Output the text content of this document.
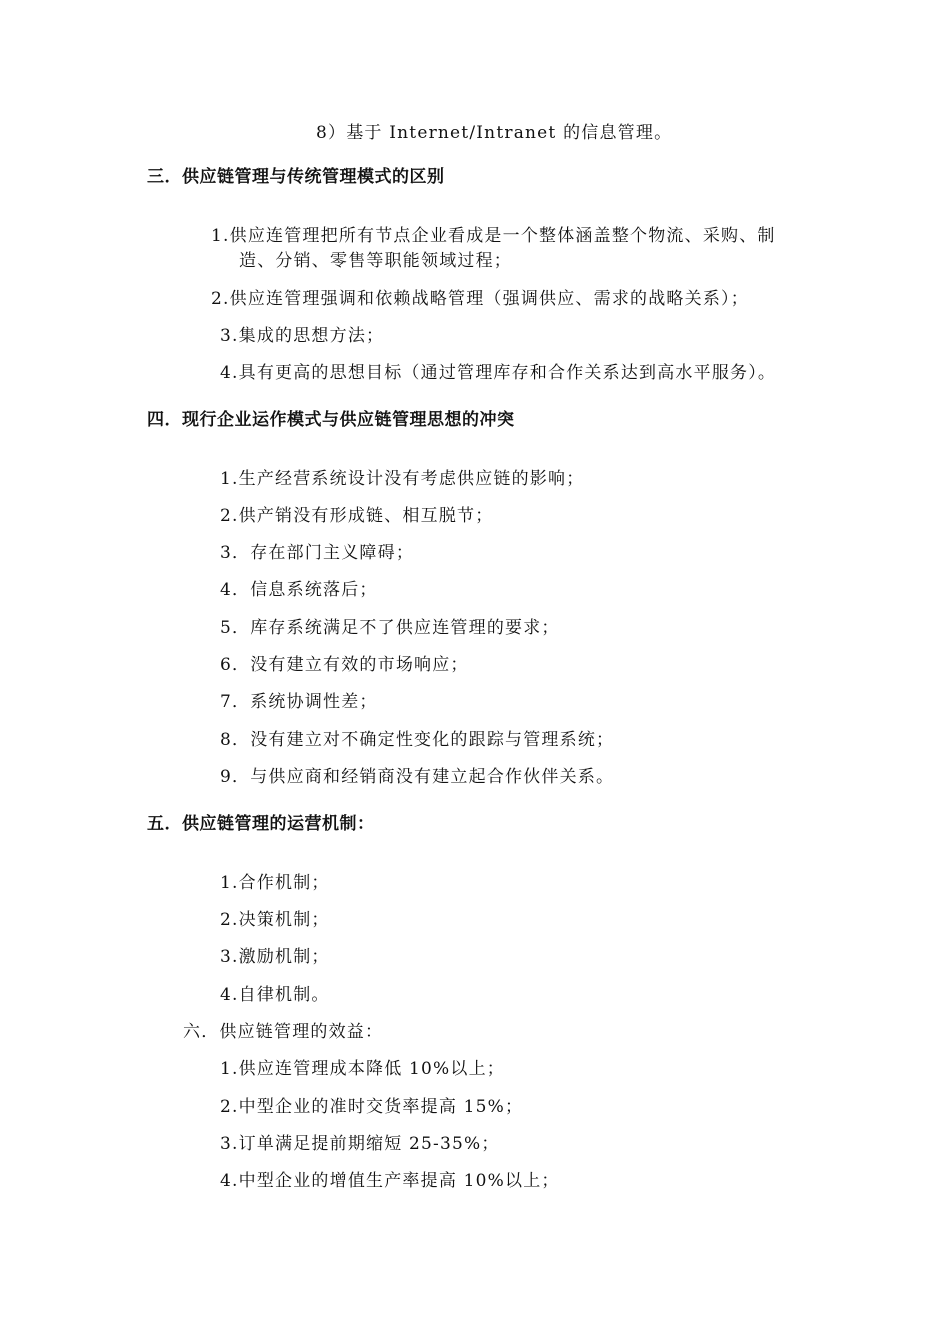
8）基于 Internet/Intranet 的信息管理。
三．供应链管理与传统管理模式的区别
1.供应连管理把所有节点企业看成是一个整体涵盖整个物流、采购、制
造、分销、零售等职能领域过程；
2.供应连管理强调和依赖战略管理（强调供应、需求的战略关系）；
3.集成的思想方法；
4.具有更高的思想目标（通过管理库存和合作关系达到高水平服务）。
四．现行企业运作模式与供应链管理思想的冲突
1.生产经营系统设计没有考虑供应链的影响；
2.供产销没有形成链、相互脱节；
3．存在部门主义障碍；
4．信息系统落后；
5．库存系统满足不了供应连管理的要求；
6．没有建立有效的市场响应；
7．系统协调性差；
8．没有建立对不确定性变化的跟踪与管理系统；
9．与供应商和经销商没有建立起合作伙伴关系。
五．供应链管理的运营机制：
1.合作机制；
2.决策机制；
3.激励机制；
4.自律机制。
六．供应链管理的效益：
1.供应连管理成本降低 10%以上；
2.中型企业的准时交货率提高 15%；
3.订单满足提前期缩短 25-35%；
4.中型企业的增值生产率提高 10%以上；
